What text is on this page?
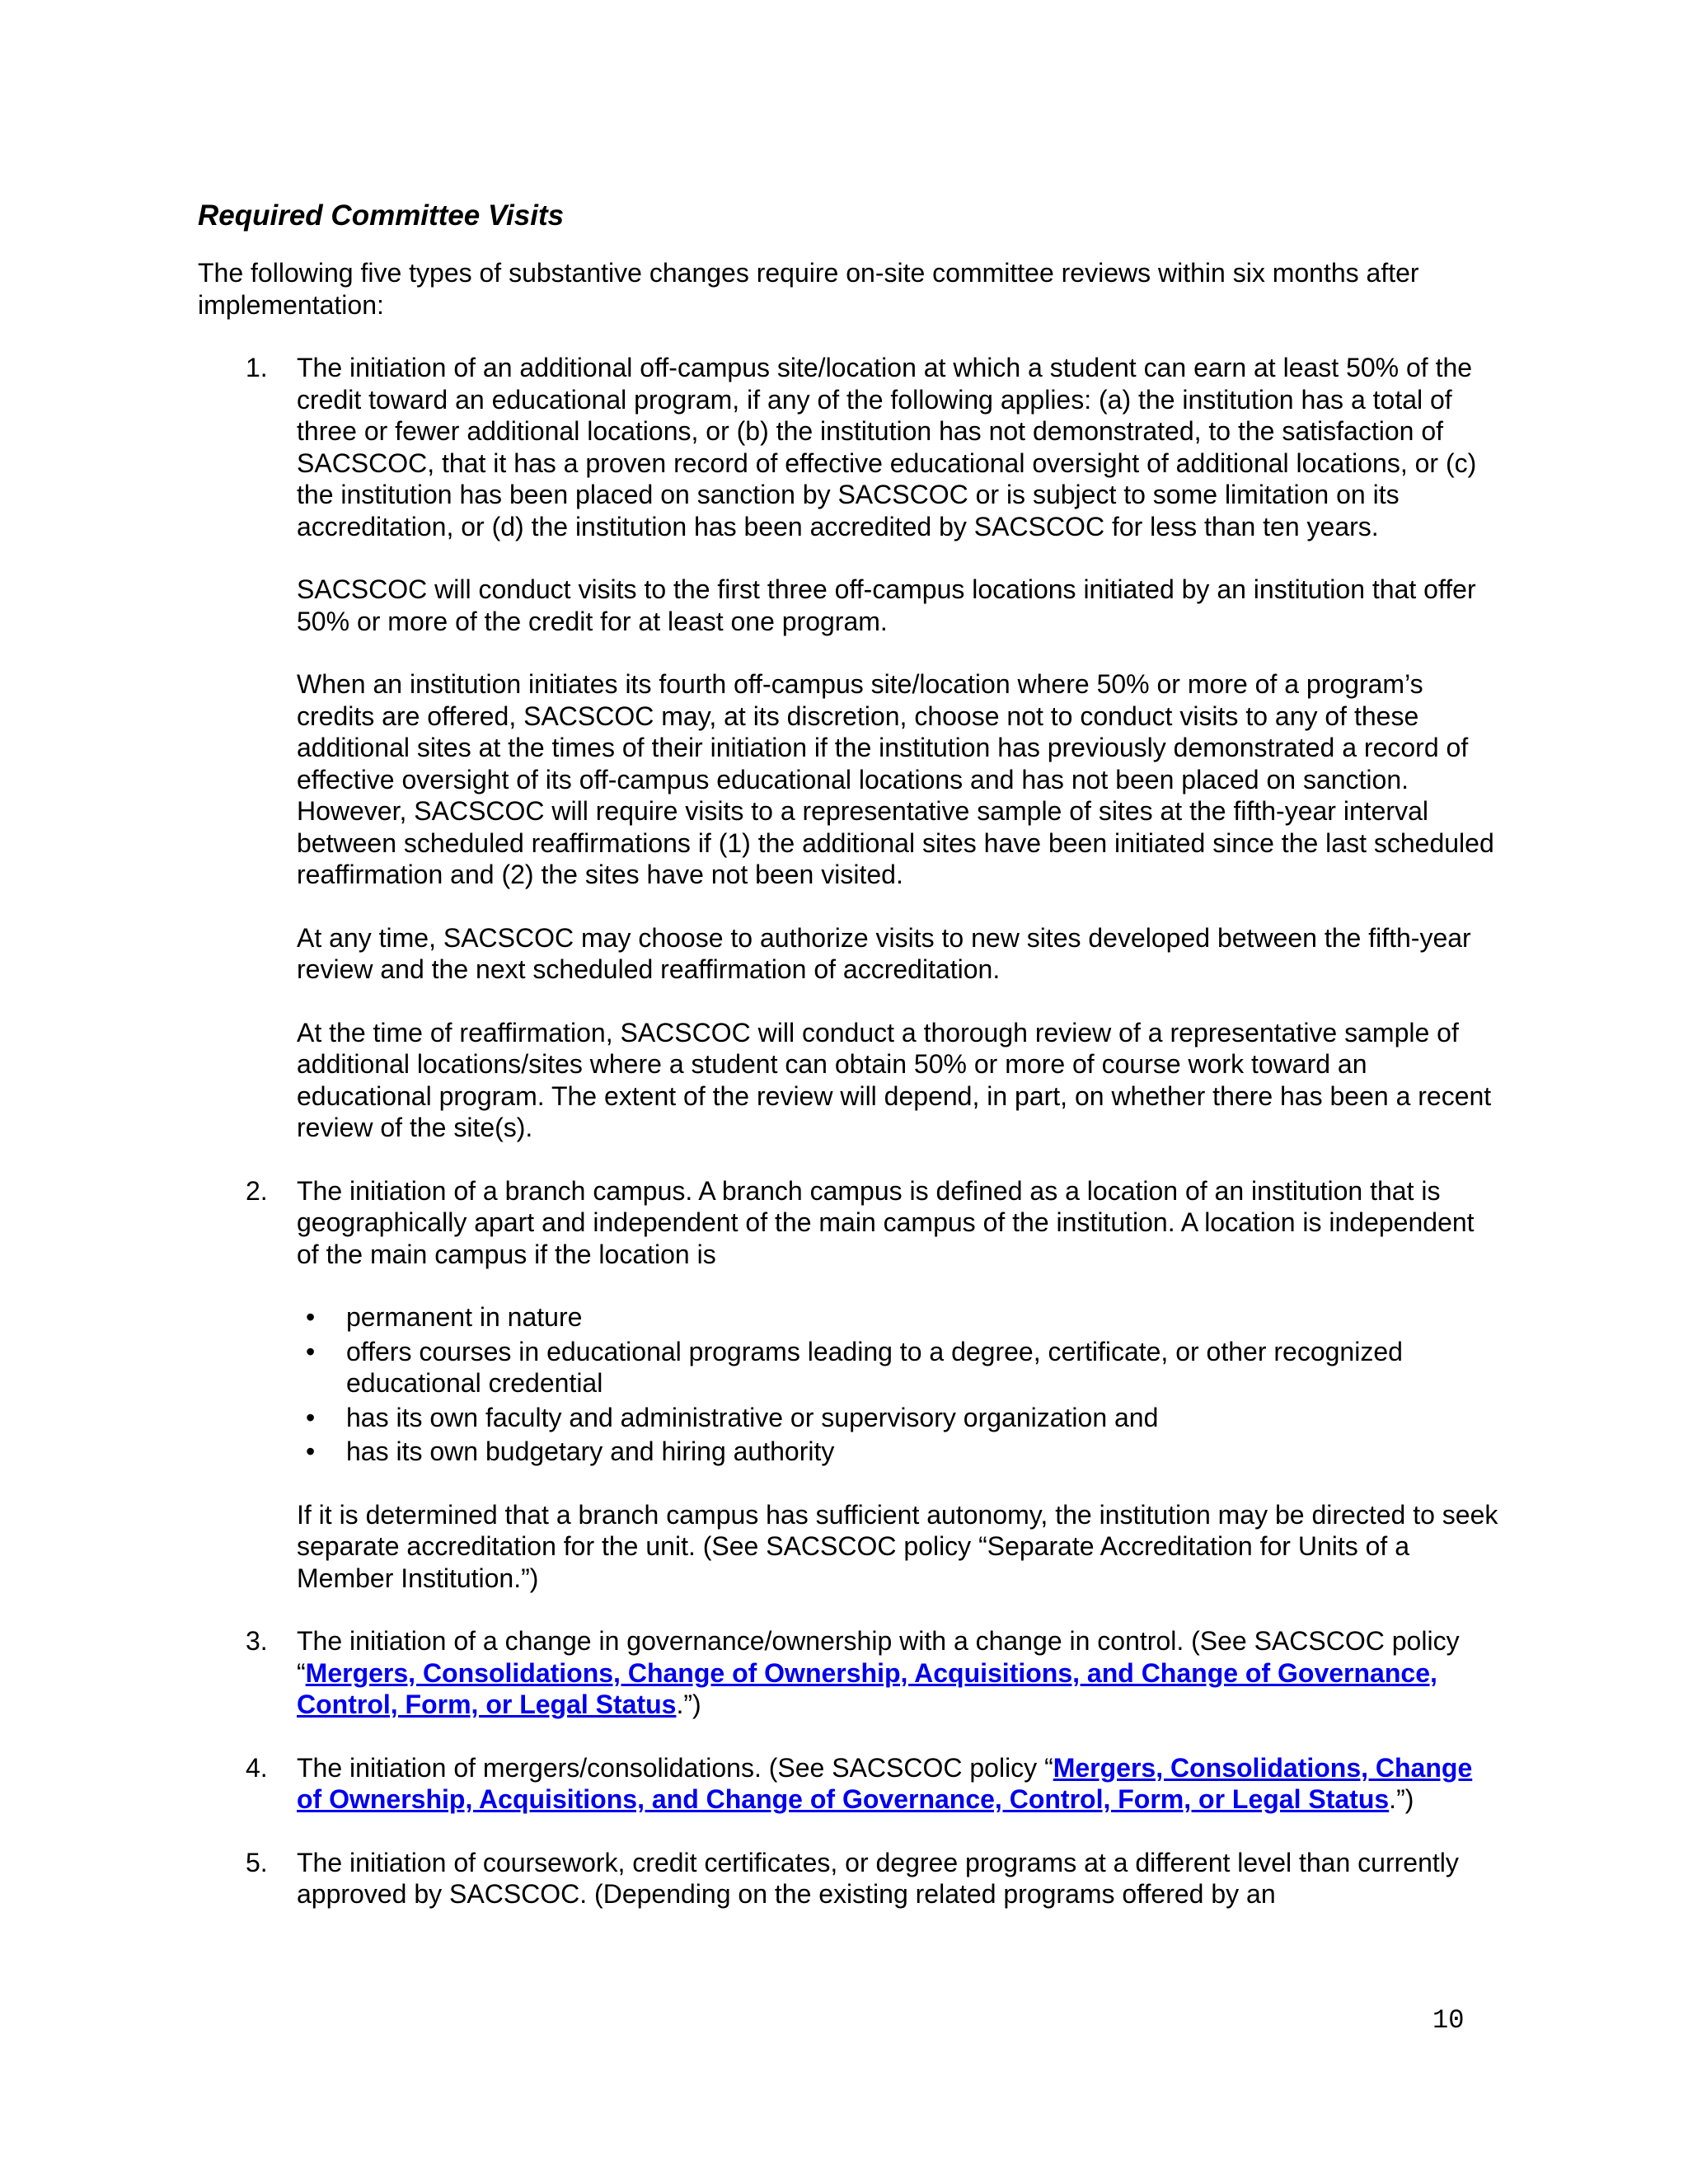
Required Committee Visits

The following five types of substantive changes require on-site committee reviews within six months after implementation:

1. The initiation of an additional off-campus site/location at which a student can earn at least 50% of the credit toward an educational program, if any of the following applies: (a) the institution has a total of three or fewer additional locations, or (b) the institution has not demonstrated, to the satisfaction of SACSCOC, that it has a proven record of effective educational oversight of additional locations, or (c) the institution has been placed on sanction by SACSCOC or is subject to some limitation on its accreditation, or (d) the institution has been accredited by SACSCOC for less than ten years.

SACSCOC will conduct visits to the first three off-campus locations initiated by an institution that offer 50% or more of the credit for at least one program.

When an institution initiates its fourth off-campus site/location where 50% or more of a program’s credits are offered, SACSCOC may, at its discretion, choose not to conduct visits to any of these additional sites at the times of their initiation if the institution has previously demonstrated a record of effective oversight of its off-campus educational locations and has not been placed on sanction. However, SACSCOC will require visits to a representative sample of sites at the fifth-year interval between scheduled reaffirmations if (1) the additional sites have been initiated since the last scheduled reaffirmation and (2) the sites have not been visited.

At any time, SACSCOC may choose to authorize visits to new sites developed between the fifth-year review and the next scheduled reaffirmation of accreditation.

At the time of reaffirmation, SACSCOC will conduct a thorough review of a representative sample of additional locations/sites where a student can obtain 50% or more of course work toward an educational program. The extent of the review will depend, in part, on whether there has been a recent review of the site(s).

2. The initiation of a branch campus. A branch campus is defined as a location of an institution that is geographically apart and independent of the main campus of the institution. A location is independent of the main campus if the location is

• permanent in nature
• offers courses in educational programs leading to a degree, certificate, or other recognized educational credential
• has its own faculty and administrative or supervisory organization and
• has its own budgetary and hiring authority

If it is determined that a branch campus has sufficient autonomy, the institution may be directed to seek separate accreditation for the unit. (See SACSCOC policy “Separate Accreditation for Units of a Member Institution.”)

3. The initiation of a change in governance/ownership with a change in control. (See SACSCOC policy “Mergers, Consolidations, Change of Ownership, Acquisitions, and Change of Governance, Control, Form, or Legal Status.”)

4. The initiation of mergers/consolidations. (See SACSCOC policy “Mergers, Consolidations, Change of Ownership, Acquisitions, and Change of Governance, Control, Form, or Legal Status.”)

5. The initiation of coursework, credit certificates, or degree programs at a different level than currently approved by SACSCOC. (Depending on the existing related programs offered by an

10
